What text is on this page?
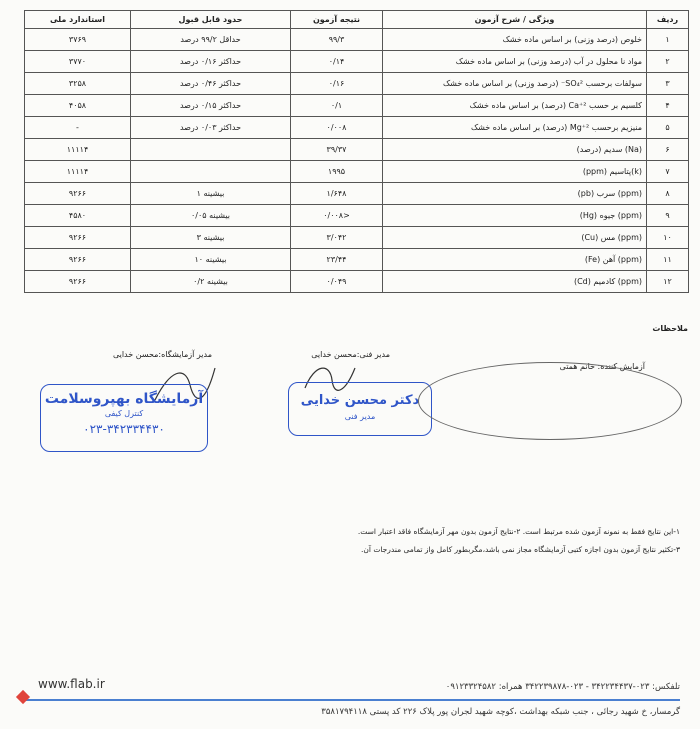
ردیف	ویژگی / شرح آزمون	نتیجه آزمون	حدود قابل قبول	استاندارد ملی
۱	خلوص (درصد وزنی) بر اساس ماده خشک	۹۹/۳	حداقل ۹۹/۲ درصد	۳۷۶۹
۲	مواد نا محلول در آب (درصد وزنی) بر اساس ماده خشک	۰/۱۴	حداکثر ۰/۱۶ درصد	۳۷۷۰
۳	سولفات برحسب SO₄²⁻ (درصد وزنی) بر اساس ماده خشک	۰/۱۶	حداکثر ۰/۴۶ درصد	۳۲۵۸
۴	کلسیم بر حسب Ca⁺² (درصد) بر اساس ماده خشک	۰/۱	حداکثر ۰/۱۵ درصد	۴۰۵۸
۵	منیزیم برحسب Mg⁺² (درصد) بر اساس ماده خشک	۰/۰۰۸	حداکثر ۰/۰۳ درصد	-
۶	(Na) سدیم (درصد)	۳۹/۳۷		۱۱۱۱۴
۷	(k)پتاسیم (ppm)	۱۹۹۵		۱۱۱۱۴
۸	(ppm) سرب (pb)	۱/۶۴۸	بیشینه ۱	۹۲۶۶
۹	(ppm) جیوه (Hg)	<۰/۰۰۸	بیشینه ۰/۰۵	۴۵۸۰
۱۰	(ppm) مس (Cu)	۳/۰۴۲	بیشینه ۳	۹۲۶۶
۱۱	(ppm) آهن (Fe)	۲۳/۴۴	بیشینه ۱۰	۹۲۶۶
۱۲	(ppm) کادمیم (Cd)	۰/۰۴۹	بیشینه ۰/۲	۹۲۶۶
ملاحظات
مدیر آزمایشگاه:محسن خدایی	مدیر فنی:محسن خدایی
آزمایش کننده: خانم همتی
آزمایشگاه بهپروسلامت
کنترل کیفی
۰۲۳-۳۴۲۳۳۴۴۳۰
دکتر محسن خدایی
مدیر فنی
۱-این نتایج فقط به نمونه آزمون شده مرتبط است. ۲-نتایج آزمون بدون مهر آزمایشگاه فاقد اعتبار است.
۳-تکثیر نتایج آزمون بدون اجازه کتبی آزمایشگاه مجاز نمی باشد،مگربطور کامل واز تمامی مندرجات آن.
www.flab.ir	تلفکس: ۰۲۳-۳۴۲۲۳۴۴۳۷ - ۰۲۳-۳۴۲۲۳۹۸۷۸ همراه: ۰۹۱۲۳۳۲۴۵۸۲
گرمسار، خ شهید رجائی ، جنب شبکه بهداشت ،کوچه شهید لجران پور پلاک ۲۲۶ کد پستی ۳۵۸۱۷۹۴۱۱۸
